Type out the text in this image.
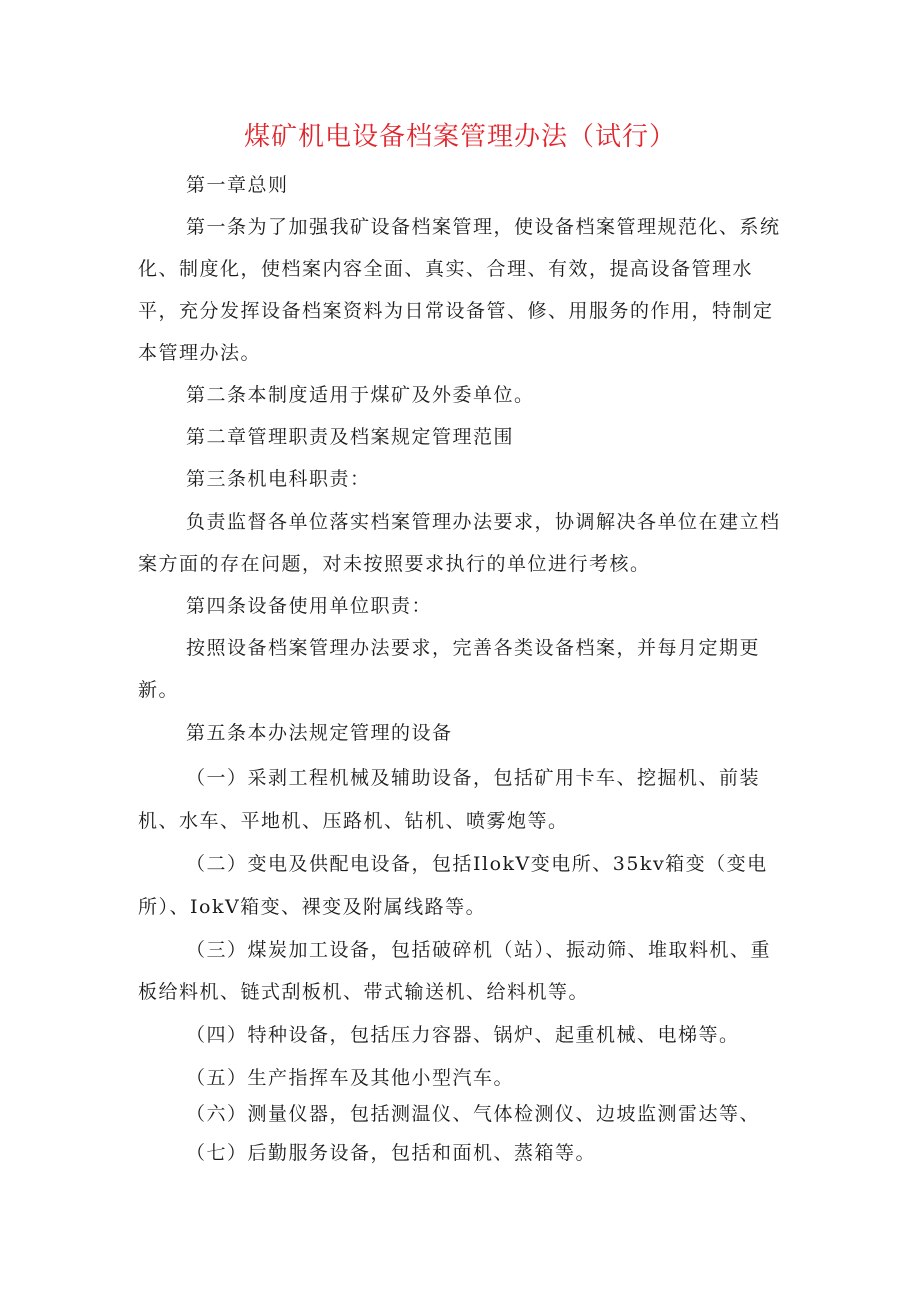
煤矿机电设备档案管理办法（试行）
第一章总则
第一条为了加强我矿设备档案管理，使设备档案管理规范化、系统
化、制度化，使档案内容全面、真实、合理、有效，提高设备管理水
平，充分发挥设备档案资料为日常设备管、修、用服务的作用，特制定
本管理办法。
第二条本制度适用于煤矿及外委单位。
第二章管理职责及档案规定管理范围
第三条机电科职责：
负责监督各单位落实档案管理办法要求，协调解决各单位在建立档
案方面的存在问题，对未按照要求执行的单位进行考核。
第四条设备使用单位职责：
按照设备档案管理办法要求，完善各类设备档案，并每月定期更
新。
第五条本办法规定管理的设备
（一）采剥工程机械及辅助设备，包括矿用卡车、挖掘机、前装
机、水车、平地机、压路机、钻机、喷雾炮等。
（二）变电及供配电设备，包括IlokV变电所、35kv箱变（变电
所）、IokV箱变、裸变及附属线路等。
（三）煤炭加工设备，包括破碎机（站）、振动筛、堆取料机、重
板给料机、链式刮板机、带式输送机、给料机等。
（四）特种设备，包括压力容器、锅炉、起重机械、电梯等。
（五）生产指挥车及其他小型汽车。
（六）测量仪器，包括测温仪、气体检测仪、边坡监测雷达等、
（七）后勤服务设备，包括和面机、蒸箱等。
